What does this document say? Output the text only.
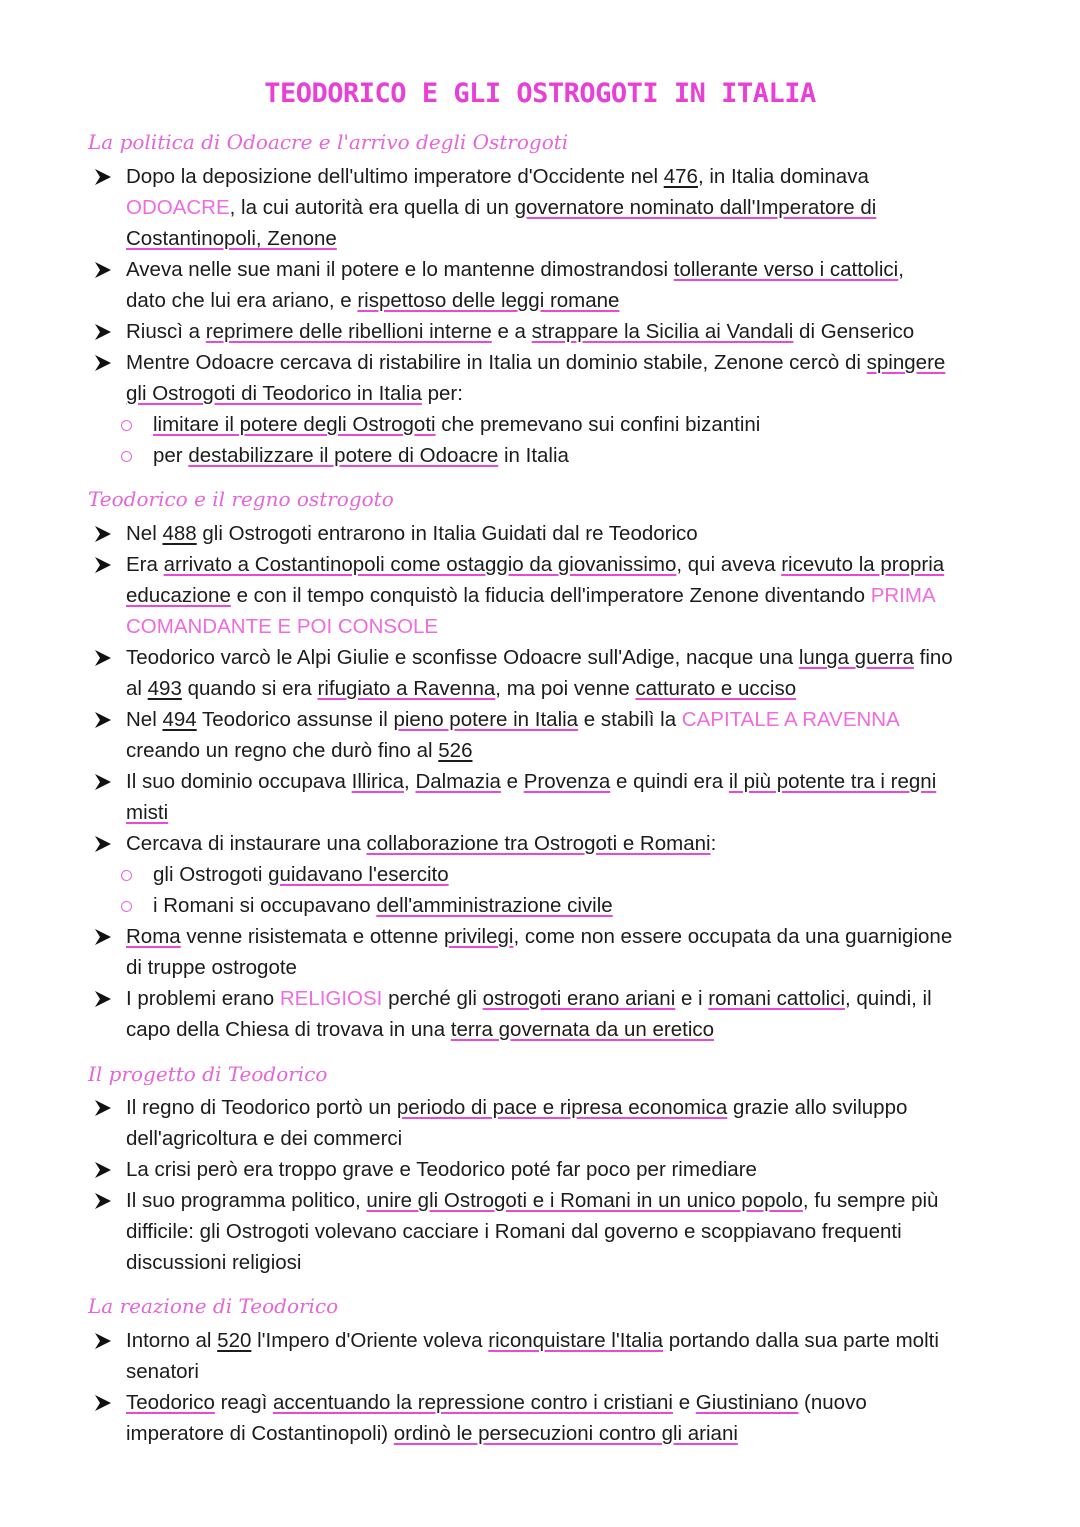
TEODORICO E GLI OSTROGOTI IN ITALIA
La politica di Odoacre e l'arrivo degli Ostrogoti
Dopo la deposizione dell'ultimo imperatore d'Occidente nel 476, in Italia dominava
ODOACRE, la cui autorità era quella di un governatore nominato dall'Imperatore di
Costantinopoli, Zenone
Aveva nelle sue mani il potere e lo mantenne dimostrandosi tollerante verso i cattolici,
dato che lui era ariano, e rispettoso delle leggi romane
Riuscì a reprimere delle ribellioni interne e a strappare la Sicilia ai Vandali di Genserico
Mentre Odoacre cercava di ristabilire in Italia un dominio stabile, Zenone cercò di spingere
gli Ostrogoti di Teodorico in Italia per:
limitare il potere degli Ostrogoti che premevano sui confini bizantini
per destabilizzare il potere di Odoacre in Italia
Teodorico e il regno ostrogoto
Nel 488 gli Ostrogoti entrarono in Italia Guidati dal re Teodorico
Era arrivato a Costantinopoli come ostaggio da giovanissimo, qui aveva ricevuto la propria
educazione e con il tempo conquistò la fiducia dell'imperatore Zenone diventando PRIMA
COMANDANTE E POI CONSOLE
Teodorico varcò le Alpi Giulie e sconfisse Odoacre sull'Adige, nacque una lunga guerra fino
al 493 quando si era rifugiato a Ravenna, ma poi venne catturato e ucciso
Nel 494 Teodorico assunse il pieno potere in Italia e stabilì la CAPITALE A RAVENNA
creando un regno che durò fino al 526
Il suo dominio occupava Illirica, Dalmazia e Provenza e quindi era il più potente tra i regni
misti
Cercava di instaurare una collaborazione tra Ostrogoti e Romani:
gli Ostrogoti guidavano l'esercito
i Romani si occupavano dell'amministrazione civile
Roma venne risistemata e ottenne privilegi, come non essere occupata da una guarnigione
di truppe ostrogote
I problemi erano RELIGIOSI perché gli ostrogoti erano ariani e i romani cattolici, quindi, il
capo della Chiesa di trovava in una terra governata da un eretico
Il progetto di Teodorico
Il regno di Teodorico portò un periodo di pace e ripresa economica grazie allo sviluppo
dell'agricoltura e dei commerci
La crisi però era troppo grave e Teodorico poté far poco per rimediare
Il suo programma politico, unire gli Ostrogoti e i Romani in un unico popolo, fu sempre più
difficile: gli Ostrogoti volevano cacciare i Romani dal governo e scoppiavano frequenti
discussioni religiosi
La reazione di Teodorico
Intorno al 520 l'Impero d'Oriente voleva riconquistare l'Italia portando dalla sua parte molti
senatori
Teodorico reagì accentuando la repressione contro i cristiani e Giustiniano (nuovo
imperatore di Costantinopoli) ordinò le persecuzioni contro gli ariani
